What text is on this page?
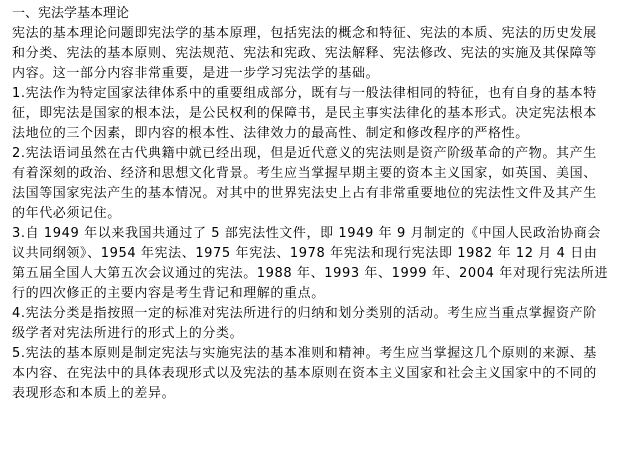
一、宪法学基本理论

宪法的基本理论问题即宪法学的基本原理，包括宪法的概念和特征、宪法的本质、宪法的历史发展和分类、宪法的基本原则、宪法规范、宪法和宪政、宪法解释、宪法修改、宪法的实施及其保障等内容。这一部分内容非常重要，是进一步学习宪法学的基础。

1.宪法作为特定国家法律体系中的重要组成部分，既有与一般法律相同的特征，也有自身的基本特征，即宪法是国家的根本法，是公民权利的保障书，是民主事实法律化的基本形式。决定宪法根本法地位的三个因素，即内容的根本性、法律效力的最高性、制定和修改程序的严格性。

2.宪法语词虽然在古代典籍中就已经出现，但是近代意义的宪法则是资产阶级革命的产物。其产生有着深刻的政治、经济和思想文化背景。考生应当掌握早期主要的资本主义国家，如英国、美国、法国等国家宪法产生的基本情况。对其中的世界宪法史上占有非常重要地位的宪法性文件及其产生的年代必须记住。

3.自 1949 年以来我国共通过了 5 部宪法性文件，即 1949 年 9 月制定的《中国人民政治协商会议共同纲领》、1954 年宪法、1975 年宪法、1978 年宪法和现行宪法即 1982 年 12 月 4 日由第五届全国人大第五次会议通过的宪法。1988 年、1993 年、1999 年、2004 年对现行宪法所进行的四次修正的主要内容是考生背记和理解的重点。

4.宪法分类是指按照一定的标准对宪法所进行的归纳和划分类别的活动。考生应当重点掌握资产阶级学者对宪法所进行的形式上的分类。

5.宪法的基本原则是制定宪法与实施宪法的基本准则和精神。考生应当掌握这几个原则的来源、基本内容、在宪法中的具体表现形式以及宪法的基本原则在资本主义国家和社会主义国家中的不同的表现形态和本质上的差异。
